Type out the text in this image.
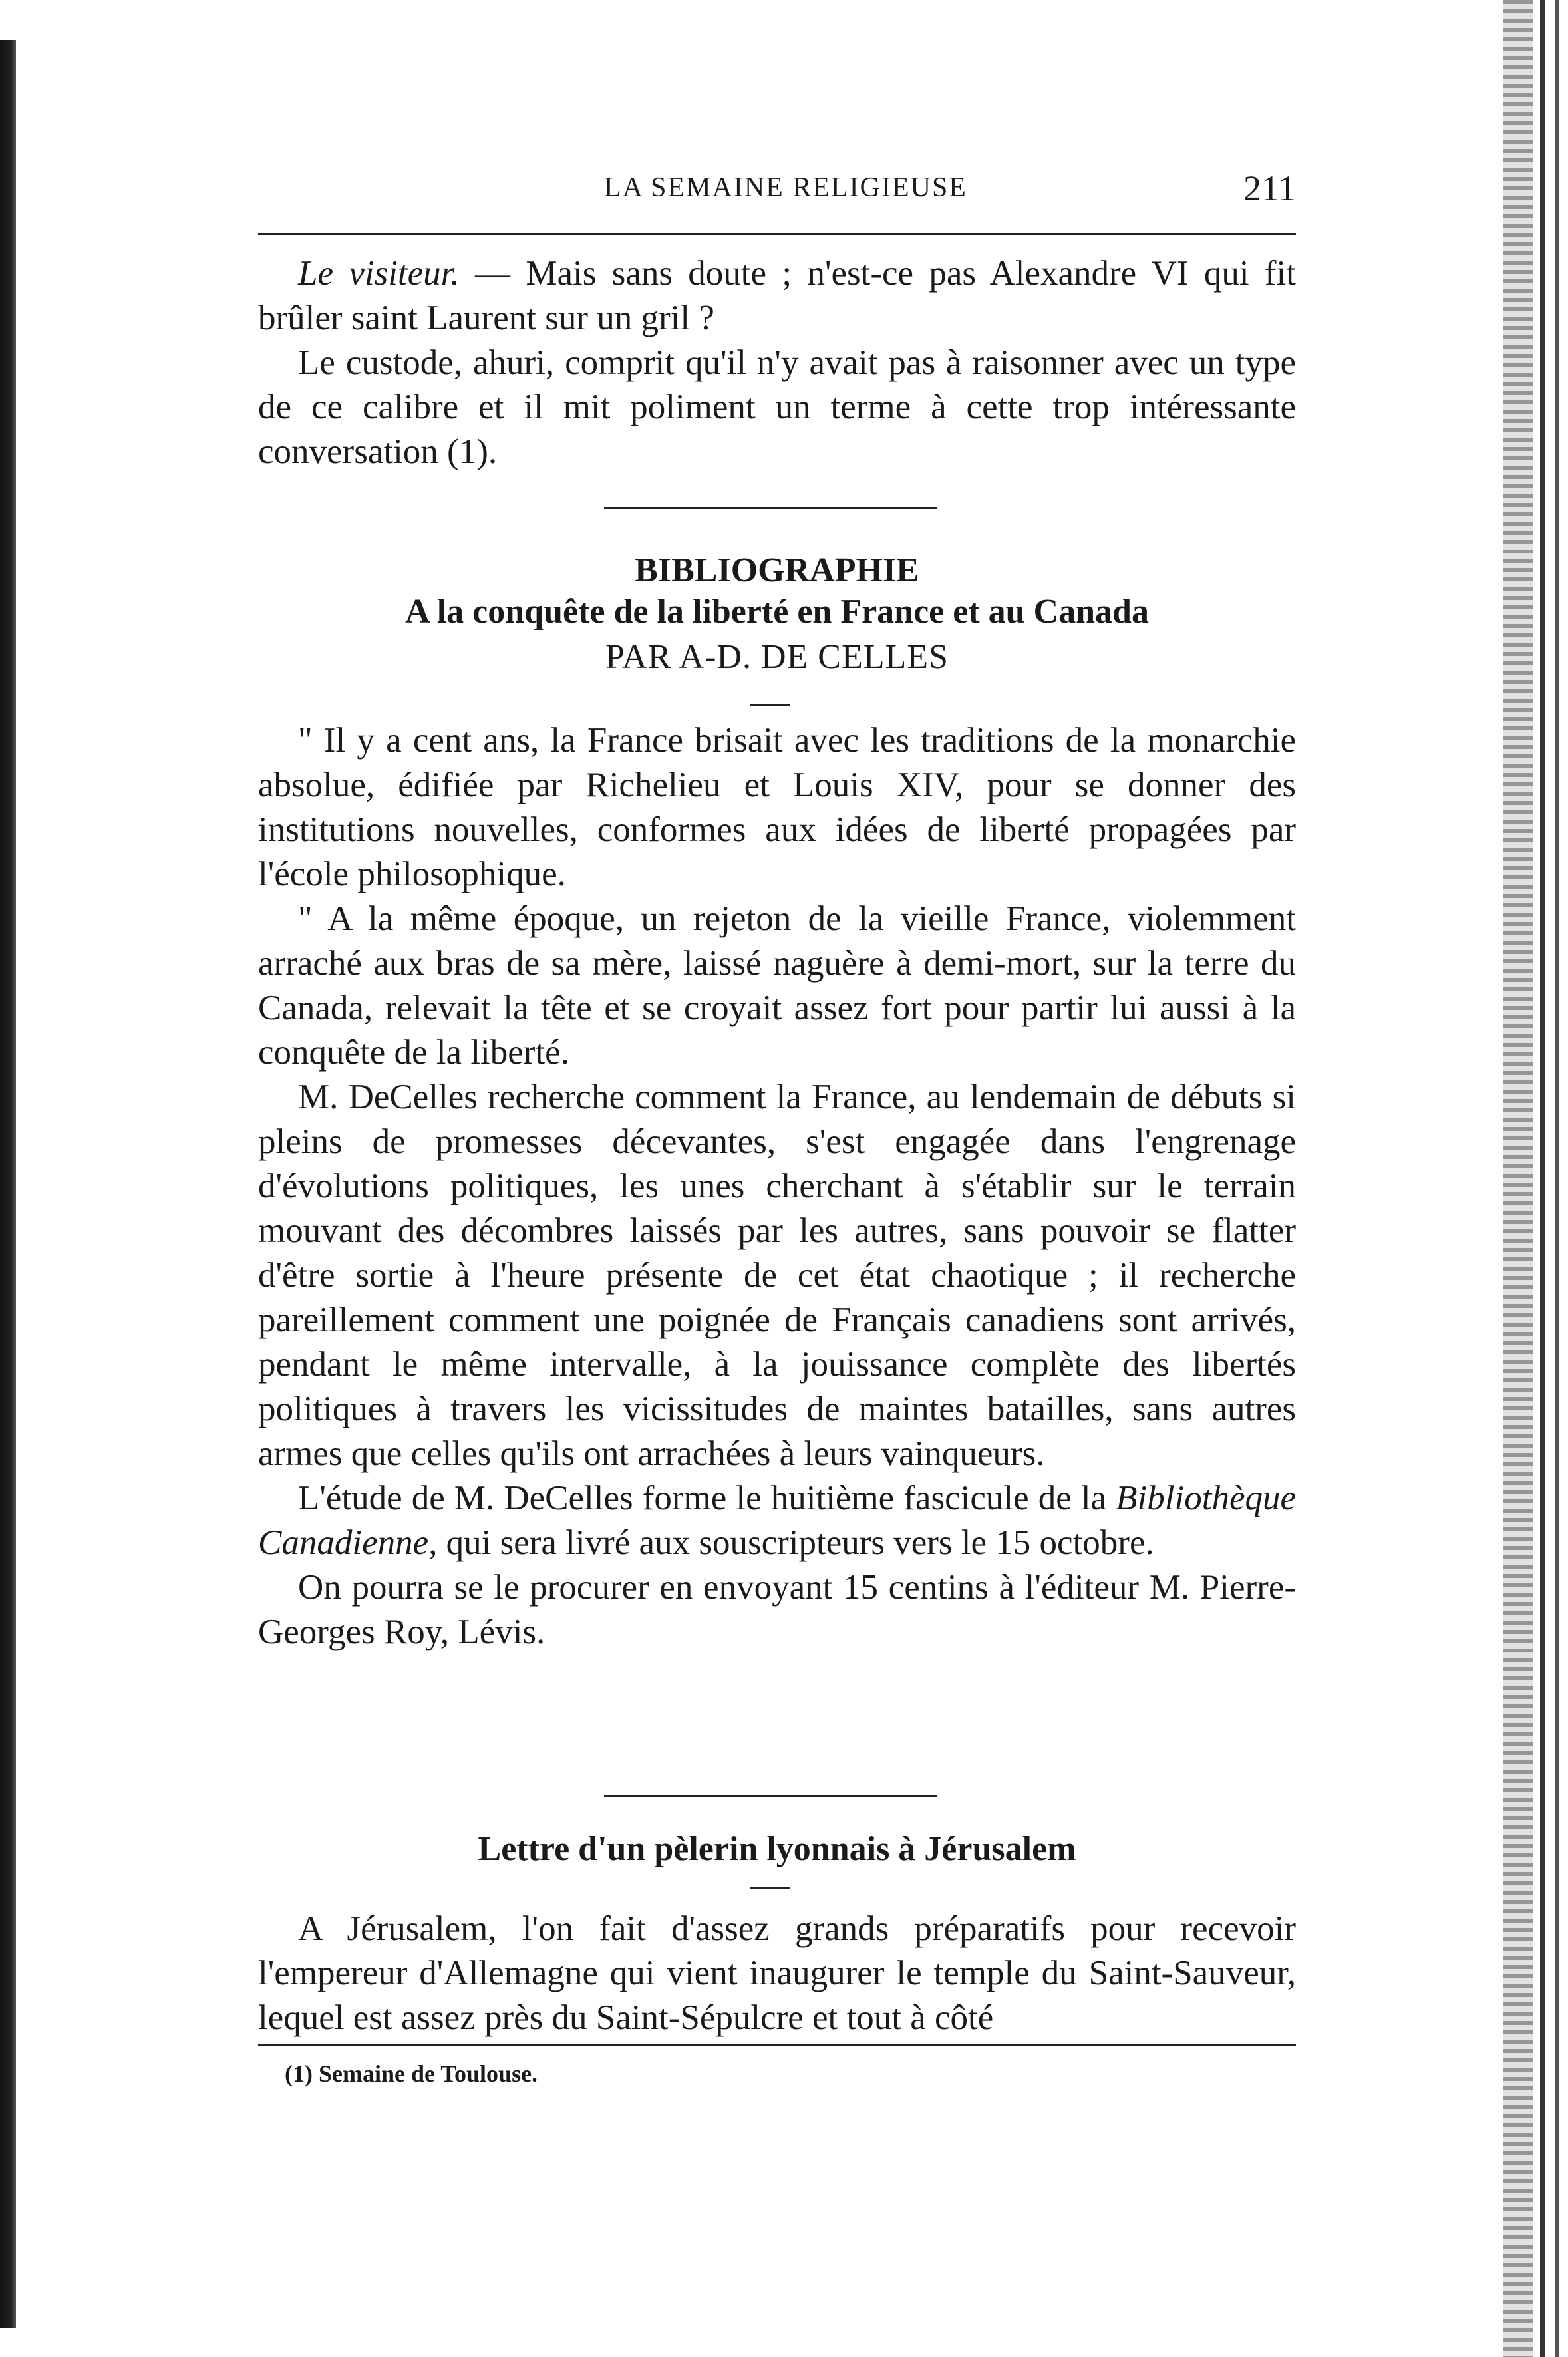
LA SEMAINE RELIGIEUSE	211

Le visiteur. — Mais sans doute ; n'est-ce pas Alexandre VI qui fit brûler saint Laurent sur un gril ?

Le custode, ahuri, comprit qu'il n'y avait pas à raisonner avec un type de ce calibre et il mit poliment un terme à cette trop intéressante conversation (1).

BIBLIOGRAPHIE
A la conquête de la liberté en France et au Canada
PAR A-D. DE CELLES

" Il y a cent ans, la France brisait avec les traditions de la monarchie absolue, édifiée par Richelieu et Louis XIV, pour se donner des institutions nouvelles, conformes aux idées de liberté propagées par l'école philosophique.

" A la même époque, un rejeton de la vieille France, violemment arraché aux bras de sa mère, laissé naguère à demi-mort, sur la terre du Canada, relevait la tête et se croyait assez fort pour partir lui aussi à la conquête de la liberté.

M. DeCelles recherche comment la France, au lendemain de débuts si pleins de promesses décevantes, s'est engagée dans l'engrenage d'évolutions politiques, les unes cherchant à s'établir sur le terrain mouvant des décombres laissés par les autres, sans pouvoir se flatter d'être sortie à l'heure présente de cet état chaotique ; il recherche pareillement comment une poignée de Français canadiens sont arrivés, pendant le même intervalle, à la jouissance complète des libertés politiques à travers les vicissitudes de maintes batailles, sans autres armes que celles qu'ils ont arrachées à leurs vainqueurs.

L'étude de M. DeCelles forme le huitième fascicule de la Bibliothèque Canadienne, qui sera livré aux souscripteurs vers le 15 octobre.

On pourra se le procurer en envoyant 15 centins à l'éditeur M. Pierre-Georges Roy, Lévis.

Lettre d'un pèlerin lyonnais à Jérusalem

A Jérusalem, l'on fait d'assez grands préparatifs pour recevoir l'empereur d'Allemagne qui vient inaugurer le temple du Saint-Sauveur, lequel est assez près du Saint-Sépulcre et tout à côté

(1) Semaine de Toulouse.
